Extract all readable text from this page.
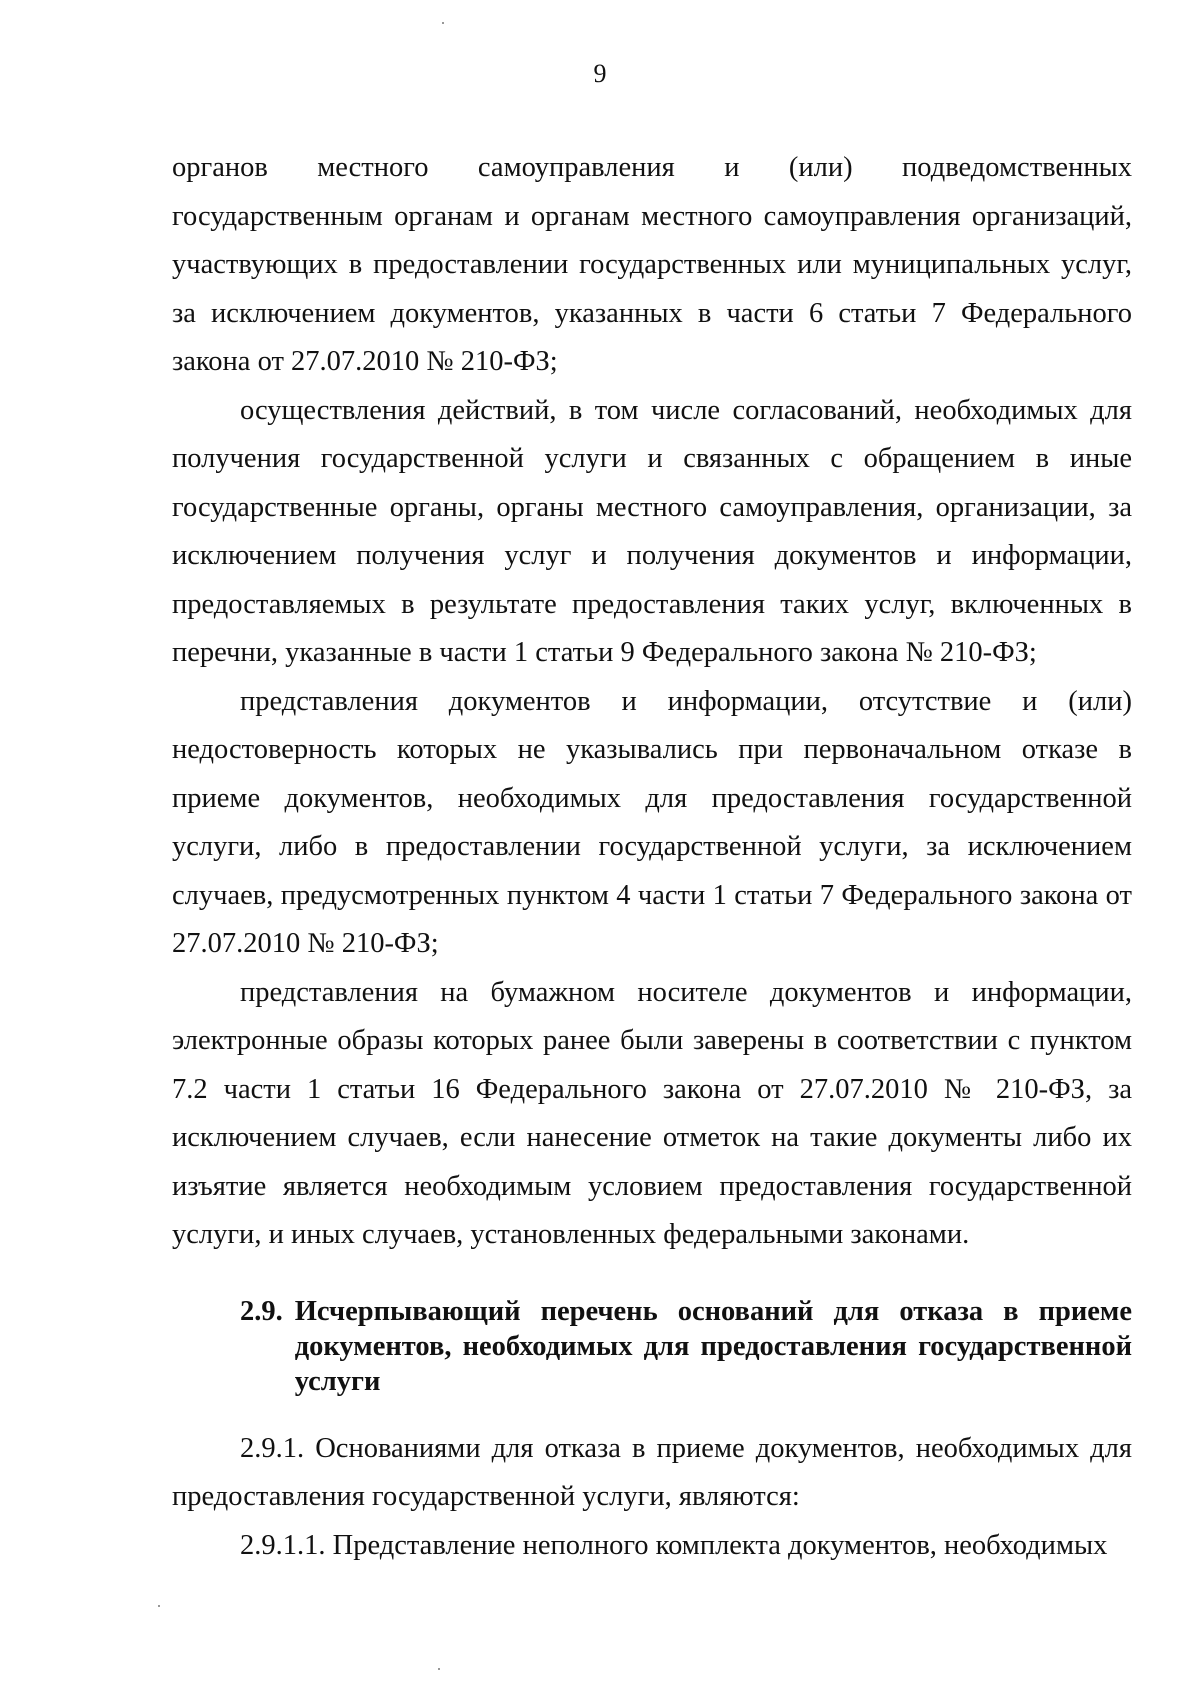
9

органов местного самоуправления и (или) подведомственных государственным органам и органам местного самоуправления организаций, участвующих в предоставлении государственных или муниципальных услуг, за исключением документов, указанных в части 6 статьи 7 Федерального закона от 27.07.2010 № 210-ФЗ;

осуществления действий, в том числе согласований, необходимых для получения государственной услуги и связанных с обращением в иные государственные органы, органы местного самоуправления, организации, за исключением получения услуг и получения документов и информации, предоставляемых в результате предоставления таких услуг, включенных в перечни, указанные в части 1 статьи 9 Федерального закона № 210-ФЗ;

представления документов и информации, отсутствие и (или) недостоверность которых не указывались при первоначальном отказе в приеме документов, необходимых для предоставления государственной услуги, либо в предоставлении государственной услуги, за исключением случаев, предусмотренных пунктом 4 части 1 статьи 7 Федерального закона от 27.07.2010 № 210-ФЗ;

представления на бумажном носителе документов и информации, электронные образы которых ранее были заверены в соответствии с пунктом 7.2 части 1 статьи 16 Федерального закона от 27.07.2010 № 210-ФЗ, за исключением случаев, если нанесение отметок на такие документы либо их изъятие является необходимым условием предоставления государственной услуги, и иных случаев, установленных федеральными законами.

2.9. Исчерпывающий перечень оснований для отказа в приеме документов, необходимых для предоставления государственной услуги

2.9.1. Основаниями для отказа в приеме документов, необходимых для предоставления государственной услуги, являются:

2.9.1.1. Представление неполного комплекта документов, необходимых
